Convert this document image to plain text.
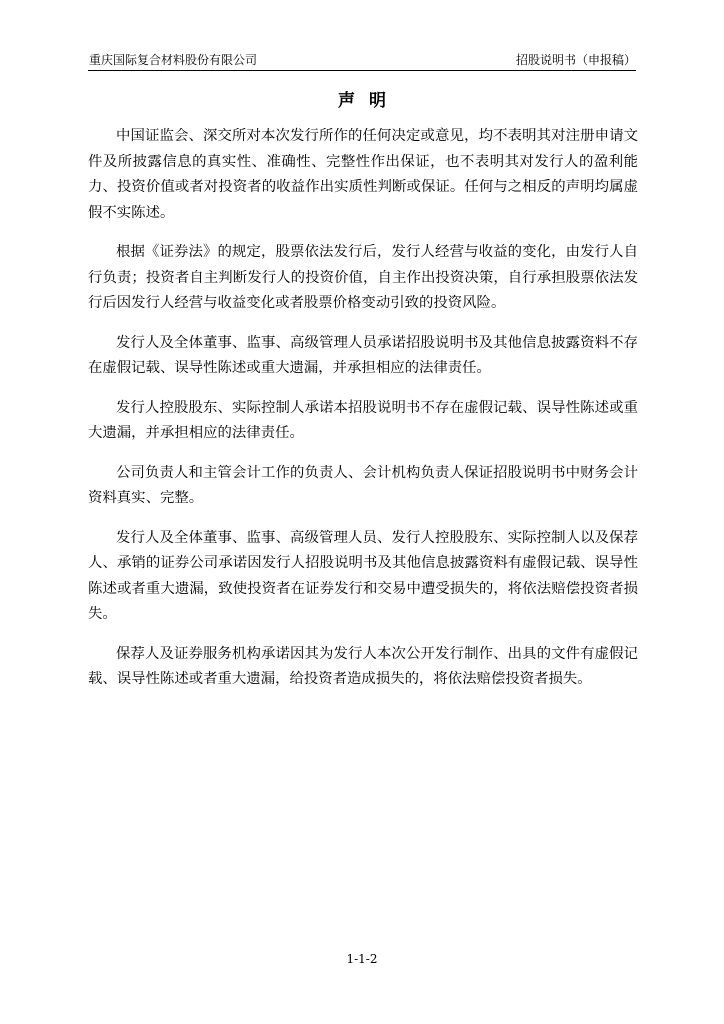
重庆国际复合材料股份有限公司	招股说明书（申报稿）
声明

中国证监会、深交所对本次发行所作的任何决定或意见，均不表明其对注册申请文件及所披露信息的真实性、准确性、完整性作出保证，也不表明其对发行人的盈利能力、投资价值或者对投资者的收益作出实质性判断或保证。任何与之相反的声明均属虚假不实陈述。

根据《证券法》的规定，股票依法发行后，发行人经营与收益的变化，由发行人自行负责；投资者自主判断发行人的投资价值，自主作出投资决策，自行承担股票依法发行后因发行人经营与收益变化或者股票价格变动引致的投资风险。

发行人及全体董事、监事、高级管理人员承诺招股说明书及其他信息披露资料不存在虚假记载、误导性陈述或重大遗漏，并承担相应的法律责任。

发行人控股股东、实际控制人承诺本招股说明书不存在虚假记载、误导性陈述或重大遗漏，并承担相应的法律责任。

公司负责人和主管会计工作的负责人、会计机构负责人保证招股说明书中财务会计资料真实、完整。

发行人及全体董事、监事、高级管理人员、发行人控股股东、实际控制人以及保荐人、承销的证券公司承诺因发行人招股说明书及其他信息披露资料有虚假记载、误导性陈述或者重大遗漏，致使投资者在证券发行和交易中遭受损失的，将依法赔偿投资者损失。

保荐人及证券服务机构承诺因其为发行人本次公开发行制作、出具的文件有虚假记载、误导性陈述或者重大遗漏，给投资者造成损失的，将依法赔偿投资者损失。

1-1-2
